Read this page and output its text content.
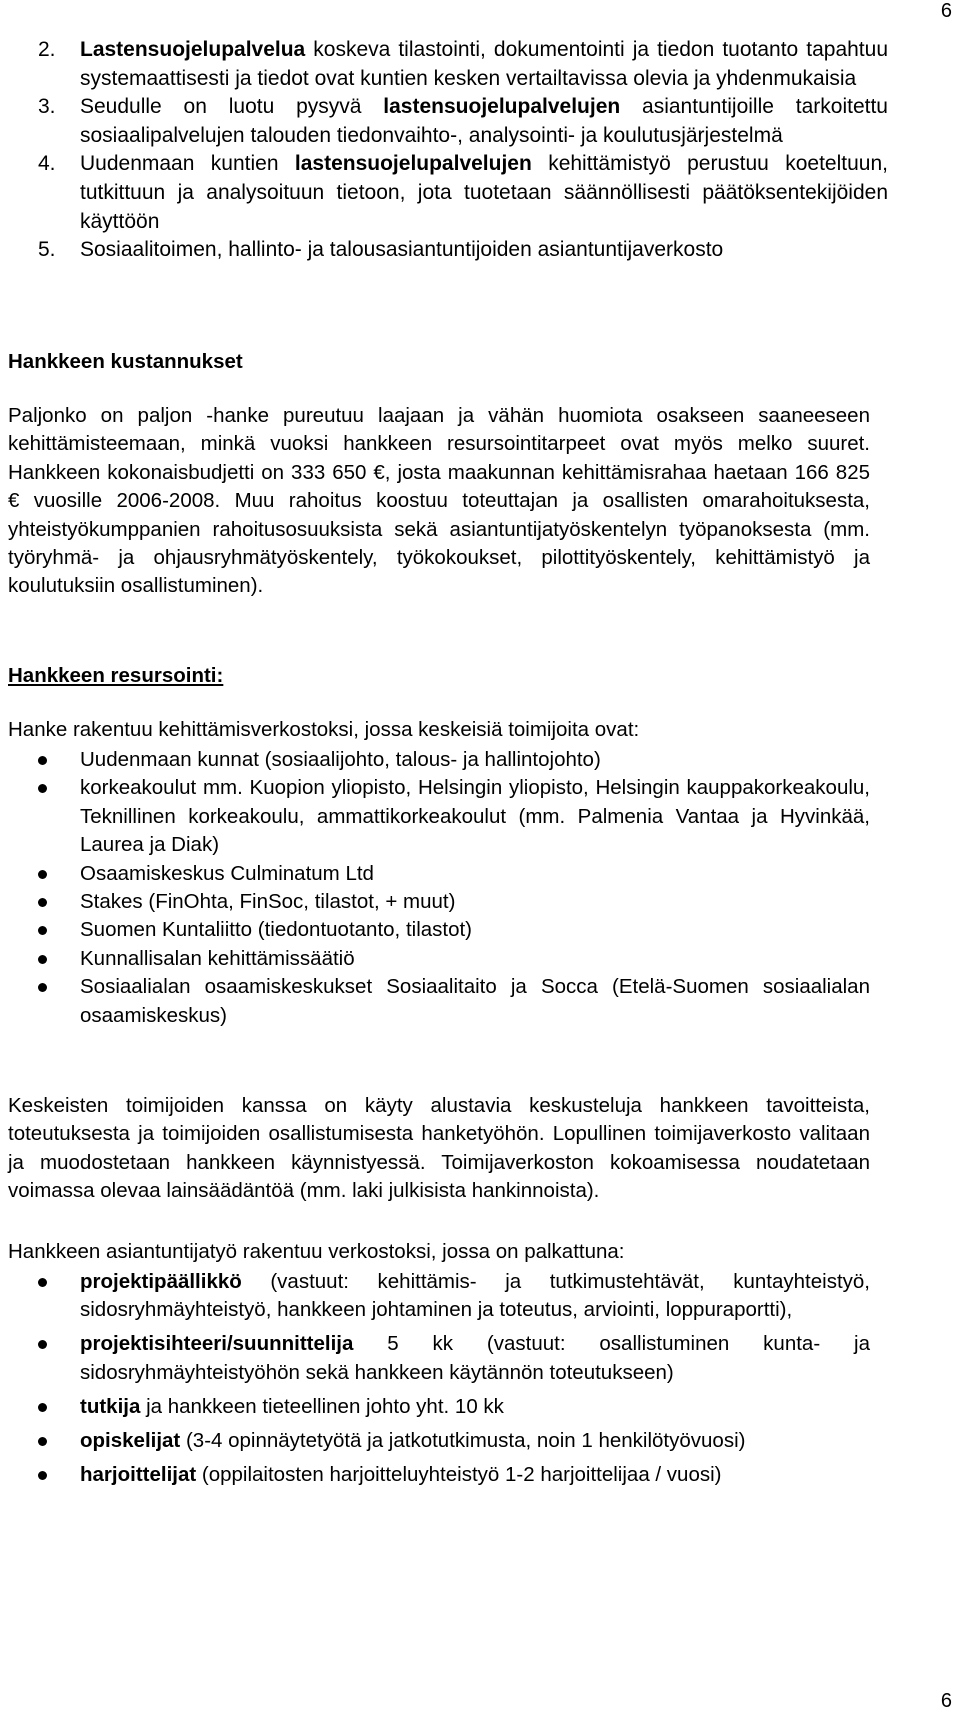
6
2. Lastensuojelupalvelua koskeva tilastointi, dokumentointi ja tiedon tuotanto tapahtuu systemaattisesti ja tiedot ovat kuntien kesken vertailtavissa olevia ja yhdenmukaisia
3. Seudulle on luotu pysyvä lastensuojelupalvelujen asiantuntijoille tarkoitettu sosiaalipalvelujen talouden tiedonvaihto-, analysointi- ja koulutusjärjestelmä
4. Uudenmaan kuntien lastensuojelupalvelujen kehittämistyö perustuu koeteltuun, tutkittuun ja analysoituun tietoon, jota tuotetaan säännöllisesti päätöksentekijöiden käyttöön
5. Sosiaalitoimen, hallinto- ja talousasiantuntijoiden asiantuntijaverkosto
Hankkeen kustannukset
Paljonko on paljon -hanke pureutuu laajaan ja vähän huomiota osakseen saaneeseen kehittämisteemaan, minkä vuoksi hankkeen resursointitarpeet ovat myös melko suuret. Hankkeen kokonaisbudjetti on 333 650 €, josta maakunnan kehittämisrahaa haetaan 166 825 € vuosille 2006-2008. Muu rahoitus koostuu toteuttajan ja osallisten omarahoituksesta, yhteistyökumppanien rahoitusosuuksista sekä asiantuntijatyöskentelyn työpanoksesta (mm. työryhmä- ja ohjausryhmätyöskentely, työkokoukset, pilottityöskentely, kehittämistyö ja koulutuksiin osallistuminen).
Hankkeen resursointi:
Hanke rakentuu kehittämisverkostoksi, jossa keskeisiä toimijoita ovat:
Uudenmaan kunnat (sosiaalijohto, talous- ja hallintojohto)
korkeakoulut mm. Kuopion yliopisto, Helsingin yliopisto, Helsingin kauppakorkeakoulu, Teknillinen korkeakoulu, ammattikorkeakoulut (mm. Palmenia Vantaa ja Hyvinkää, Laurea ja Diak)
Osaamiskeskus Culminatum Ltd
Stakes (FinOhta, FinSoc, tilastot, + muut)
Suomen Kuntaliitto (tiedontuotanto, tilastot)
Kunnallisalan kehittämissäätiö
Sosiaalialan osaamiskeskukset Sosiaalitaito ja Socca (Etelä-Suomen sosiaalialan osaamiskeskus)
Keskeisten toimijoiden kanssa on käyty alustavia keskusteluja hankkeen tavoitteista, toteutuksesta ja toimijoiden osallistumisesta hanketyöhön. Lopullinen toimijaverkosto valitaan ja muodostetaan hankkeen käynnistyessä. Toimijaverkoston kokoamisessa noudatetaan voimassa olevaa lainsäädäntöä (mm. laki julkisista hankinnoista).
Hankkeen asiantuntijatyö rakentuu verkostoksi, jossa on palkattuna:
projektipäällikkö (vastuut: kehittämis- ja tutkimustehtävät, kuntayhteistyö, sidosryhmäyhteistyö, hankkeen johtaminen ja toteutus, arviointi, loppuraportti),
projektisihteeri/suunnittelija 5 kk (vastuut: osallistuminen kunta- ja sidosryhmäyhteistyöhön sekä hankkeen käytännön toteutukseen)
tutkija ja hankkeen tieteellinen johto yht. 10 kk
opiskelijat (3-4 opinnäytetyötä ja jatkotutkimusta, noin 1 henkilötyövuosi)
harjoittelijat (oppilaitosten harjoitteluyhteistyö 1-2 harjoittelijaa / vuosi)
6
